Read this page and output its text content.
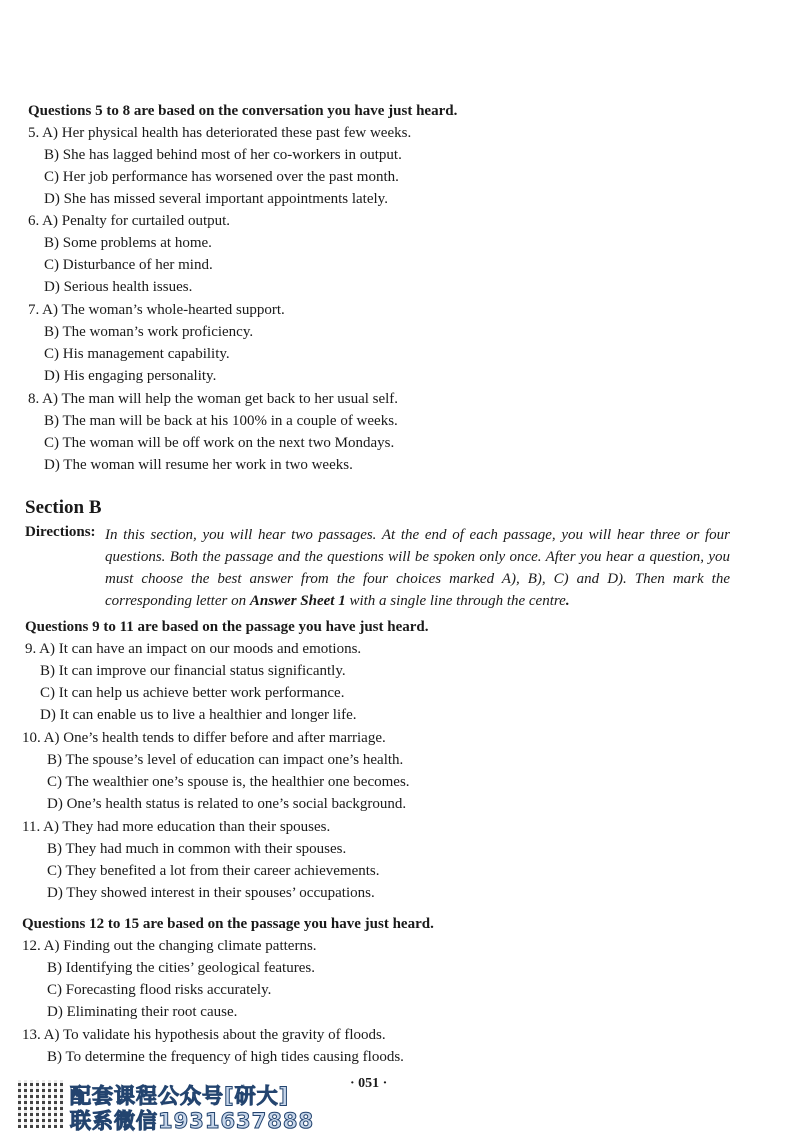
Questions 5 to 8 are based on the conversation you have just heard.
5. A) Her physical health has deteriorated these past few weeks.
B) She has lagged behind most of her co-workers in output.
C) Her job performance has worsened over the past month.
D) She has missed several important appointments lately.
6. A) Penalty for curtailed output.
B) Some problems at home.
C) Disturbance of her mind.
D) Serious health issues.
7. A) The woman’s whole-hearted support.
B) The woman’s work proficiency.
C) His management capability.
D) His engaging personality.
8. A) The man will help the woman get back to her usual self.
B) The man will be back at his 100% in a couple of weeks.
C) The woman will be off work on the next two Mondays.
D) The woman will resume her work in two weeks.
Section B
Directions: In this section, you will hear two passages. At the end of each passage, you will hear three or four questions. Both the passage and the questions will be spoken only once. After you hear a question, you must choose the best answer from the four choices marked A), B), C) and D). Then mark the corresponding letter on Answer Sheet 1 with a single line through the centre.
Questions 9 to 11 are based on the passage you have just heard.
9. A) It can have an impact on our moods and emotions.
B) It can improve our financial status significantly.
C) It can help us achieve better work performance.
D) It can enable us to live a healthier and longer life.
10. A) One’s health tends to differ before and after marriage.
B) The spouse’s level of education can impact one’s health.
C) The wealthier one’s spouse is, the healthier one becomes.
D) One’s health status is related to one’s social background.
11. A) They had more education than their spouses.
B) They had much in common with their spouses.
C) They benefited a lot from their career achievements.
D) They showed interest in their spouses’ occupations.
Questions 12 to 15 are based on the passage you have just heard.
12. A) Finding out the changing climate patterns.
B) Identifying the cities’ geological features.
C) Forecasting flood risks accurately.
D) Eliminating their root cause.
13. A) To validate his hypothesis about the gravity of floods.
B) To determine the frequency of high tides causing floods.
· 051 ·
配套课程公众号[研大]
联系微信1931637888
